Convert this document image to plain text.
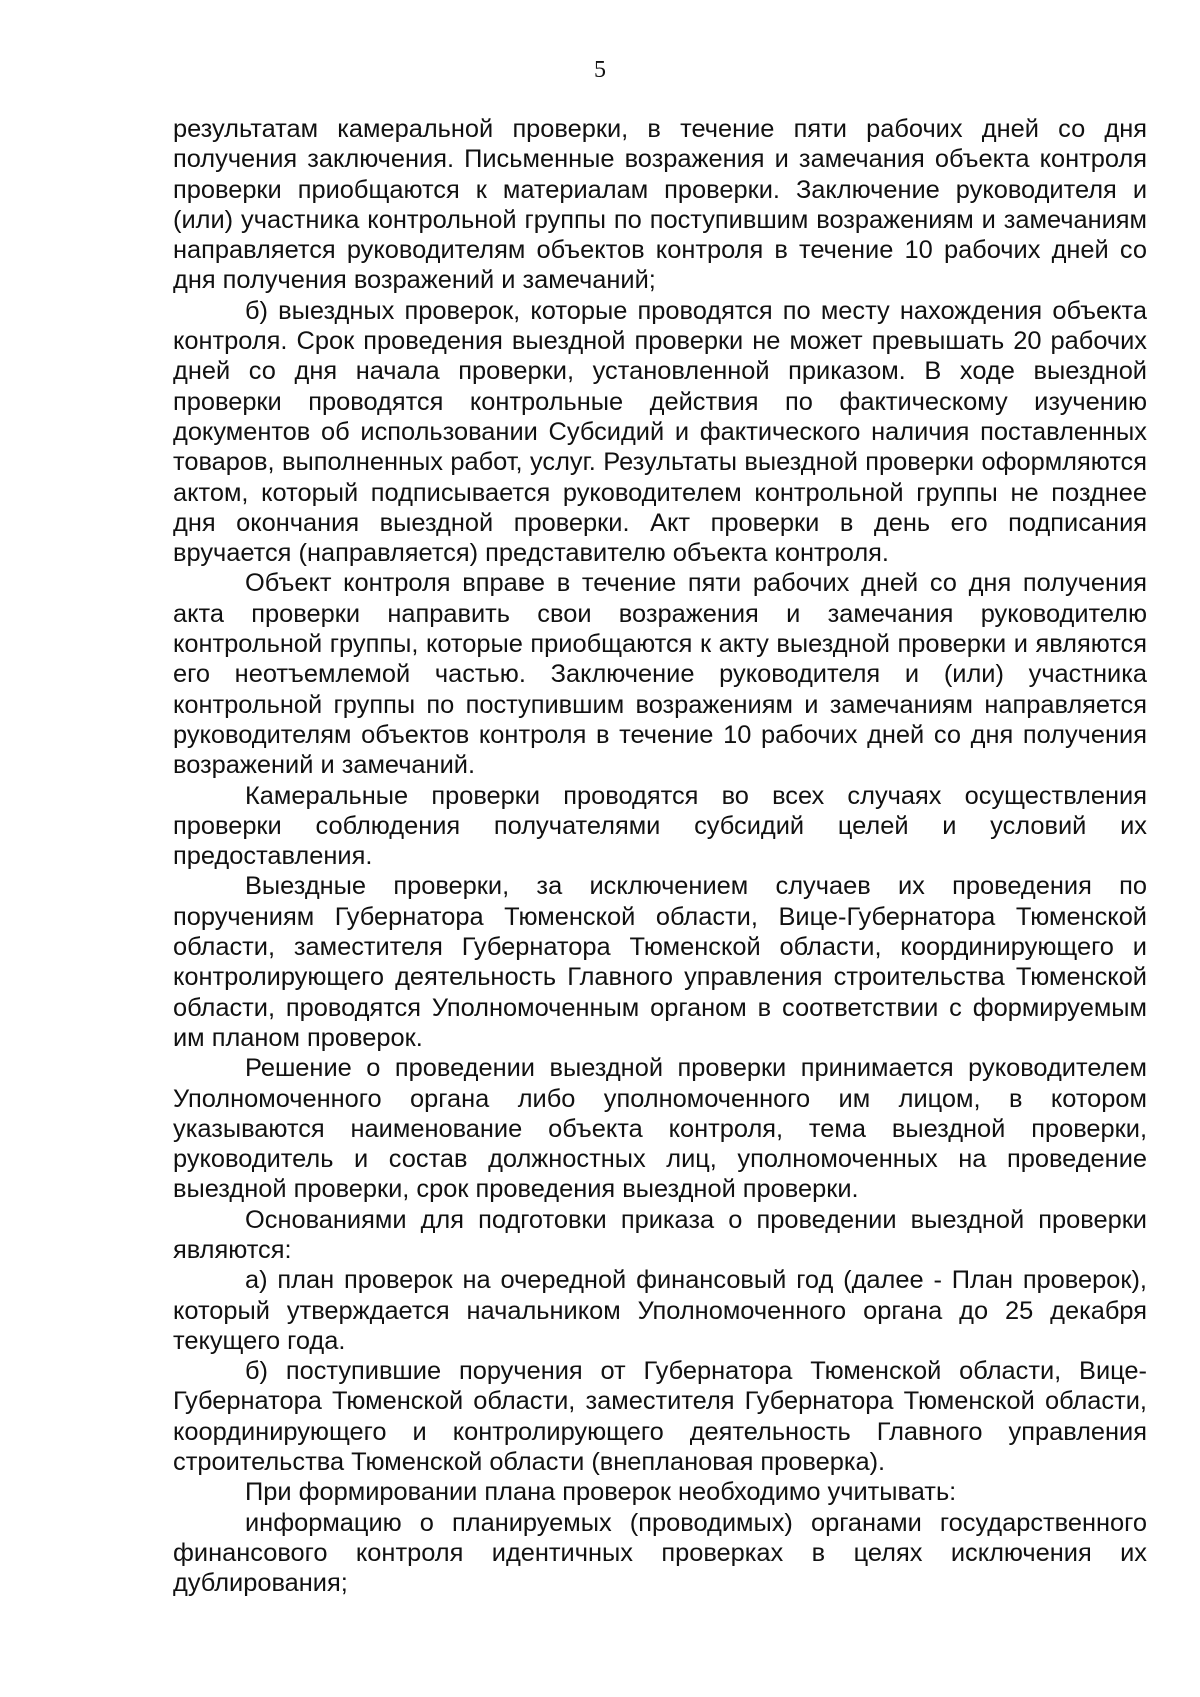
5

результатам камеральной проверки, в течение пяти рабочих дней со дня получения заключения. Письменные возражения и замечания объекта контроля проверки приобщаются к материалам проверки. Заключение руководителя и (или) участника контрольной группы по поступившим возражениям и замечаниям направляется руководителям объектов контроля в течение 10 рабочих дней со дня получения возражений и замечаний;

б) выездных проверок, которые проводятся по месту нахождения объекта контроля. Срок проведения выездной проверки не может превышать 20 рабочих дней со дня начала проверки, установленной приказом. В ходе выездной проверки проводятся контрольные действия по фактическому изучению документов об использовании Субсидий и фактического наличия поставленных товаров, выполненных работ, услуг. Результаты выездной проверки оформляются актом, который подписывается руководителем контрольной группы не позднее дня окончания выездной проверки. Акт проверки в день его подписания вручается (направляется) представителю объекта контроля.

Объект контроля вправе в течение пяти рабочих дней со дня получения акта проверки направить свои возражения и замечания руководителю контрольной группы, которые приобщаются к акту выездной проверки и являются его неотъемлемой частью. Заключение руководителя и (или) участника контрольной группы по поступившим возражениям и замечаниям направляется руководителям объектов контроля в течение 10 рабочих дней со дня получения возражений и замечаний.

Камеральные проверки проводятся во всех случаях осуществления проверки соблюдения получателями субсидий целей и условий их предоставления.

Выездные проверки, за исключением случаев их проведения по поручениям Губернатора Тюменской области, Вице-Губернатора Тюменской области, заместителя Губернатора Тюменской области, координирующего и контролирующего деятельность Главного управления строительства Тюменской области, проводятся Уполномоченным органом в соответствии с формируемым им планом проверок.

Решение о проведении выездной проверки принимается руководителем Уполномоченного органа либо уполномоченного им лицом, в котором указываются наименование объекта контроля, тема выездной проверки, руководитель и состав должностных лиц, уполномоченных на проведение выездной проверки, срок проведения выездной проверки.

Основаниями для подготовки приказа о проведении выездной проверки являются:

а) план проверок на очередной финансовый год (далее - План проверок), который утверждается начальником Уполномоченного органа до 25 декабря текущего года.

б) поступившие поручения от Губернатора Тюменской области, Вице-Губернатора Тюменской области, заместителя Губернатора Тюменской области, координирующего и контролирующего деятельность Главного управления строительства Тюменской области (внеплановая проверка).

При формировании плана проверок необходимо учитывать:

информацию о планируемых (проводимых) органами государственного финансового контроля идентичных проверках в целях исключения их дублирования;
